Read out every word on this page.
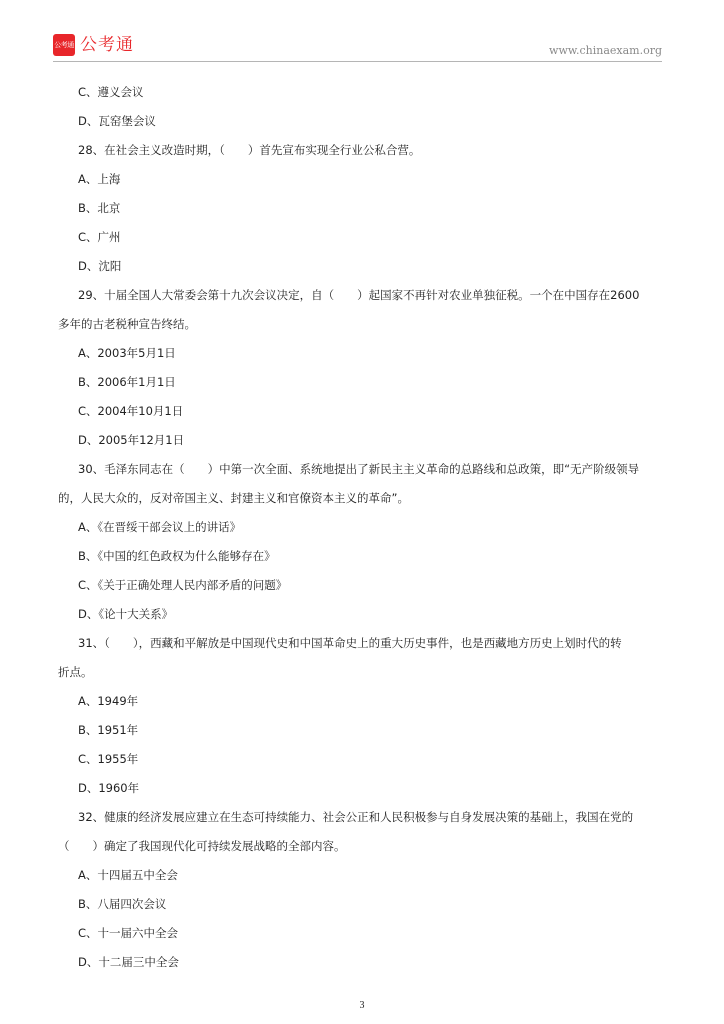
公考通 公考通	www.chinaexam.org
C、遵义会议
D、瓦窑堡会议
28、在社会主义改造时期，（　　）首先宣布实现全行业公私合营。
A、上海
B、北京
C、广州
D、沈阳
29、十届全国人大常委会第十九次会议决定，自（　　）起国家不再针对农业单独征税。一个在中国存在2600
多年的古老税种宣告终结。
A、2003年5月1日
B、2006年1月1日
C、2004年10月1日
D、2005年12月1日
30、毛泽东同志在（　　）中第一次全面、系统地提出了新民主主义革命的总路线和总政策，即“无产阶级领导
的，人民大众的，反对帝国主义、封建主义和官僚资本主义的革命”。
A、《在晋绥干部会议上的讲话》
B、《中国的红色政权为什么能够存在》
C、《关于正确处理人民内部矛盾的问题》
D、《论十大关系》
31、（　　），西藏和平解放是中国现代史和中国革命史上的重大历史事件，也是西藏地方历史上划时代的转
折点。
A、1949年
B、1951年
C、1955年
D、1960年
32、健康的经济发展应建立在生态可持续能力、社会公正和人民积极参与自身发展决策的基础上，我国在党的
（　　）确定了我国现代化可持续发展战略的全部内容。
A、十四届五中全会
B、八届四次会议
C、十一届六中全会
D、十二届三中全会
3
